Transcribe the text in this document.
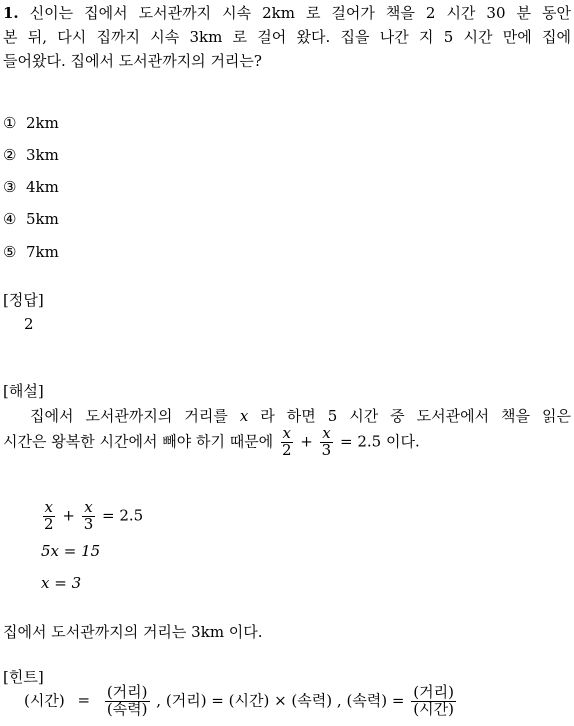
1. 신이는 집에서 도서관까지 시속 2km 로 걸어가 책을 2 시간 30 분 동안
본 뒤, 다시 집까지 시속 3km 로 걸어 왔다. 집을 나간 지 5 시간 만에 집에
들어왔다. 집에서 도서관까지의 거리는?
① 2km
② 3km
③ 4km
④ 5km
⑤ 7km
[정답]
2
[해설]
집에서 도서관까지의 거리를 x 라 하면 5 시간 중 도서관에서 책을 읽은
시간은 왕복한 시간에서 빼야 하기 때문에 $\frac{x}{2} + \frac{x}{3} = 2.5$ 이다.
$\frac{x}{2} + \frac{x}{3} = 2.5$
5x = 15
x = 3
집에서 도서관까지의 거리는 3km 이다.
[힌트]
(시간) = $\frac{\text{(거리)}}{\text{(속력)}}$ , (거리) = (시간) × (속력) , (속력) = $\frac{\text{(거리)}}{\text{(시간)}}$
